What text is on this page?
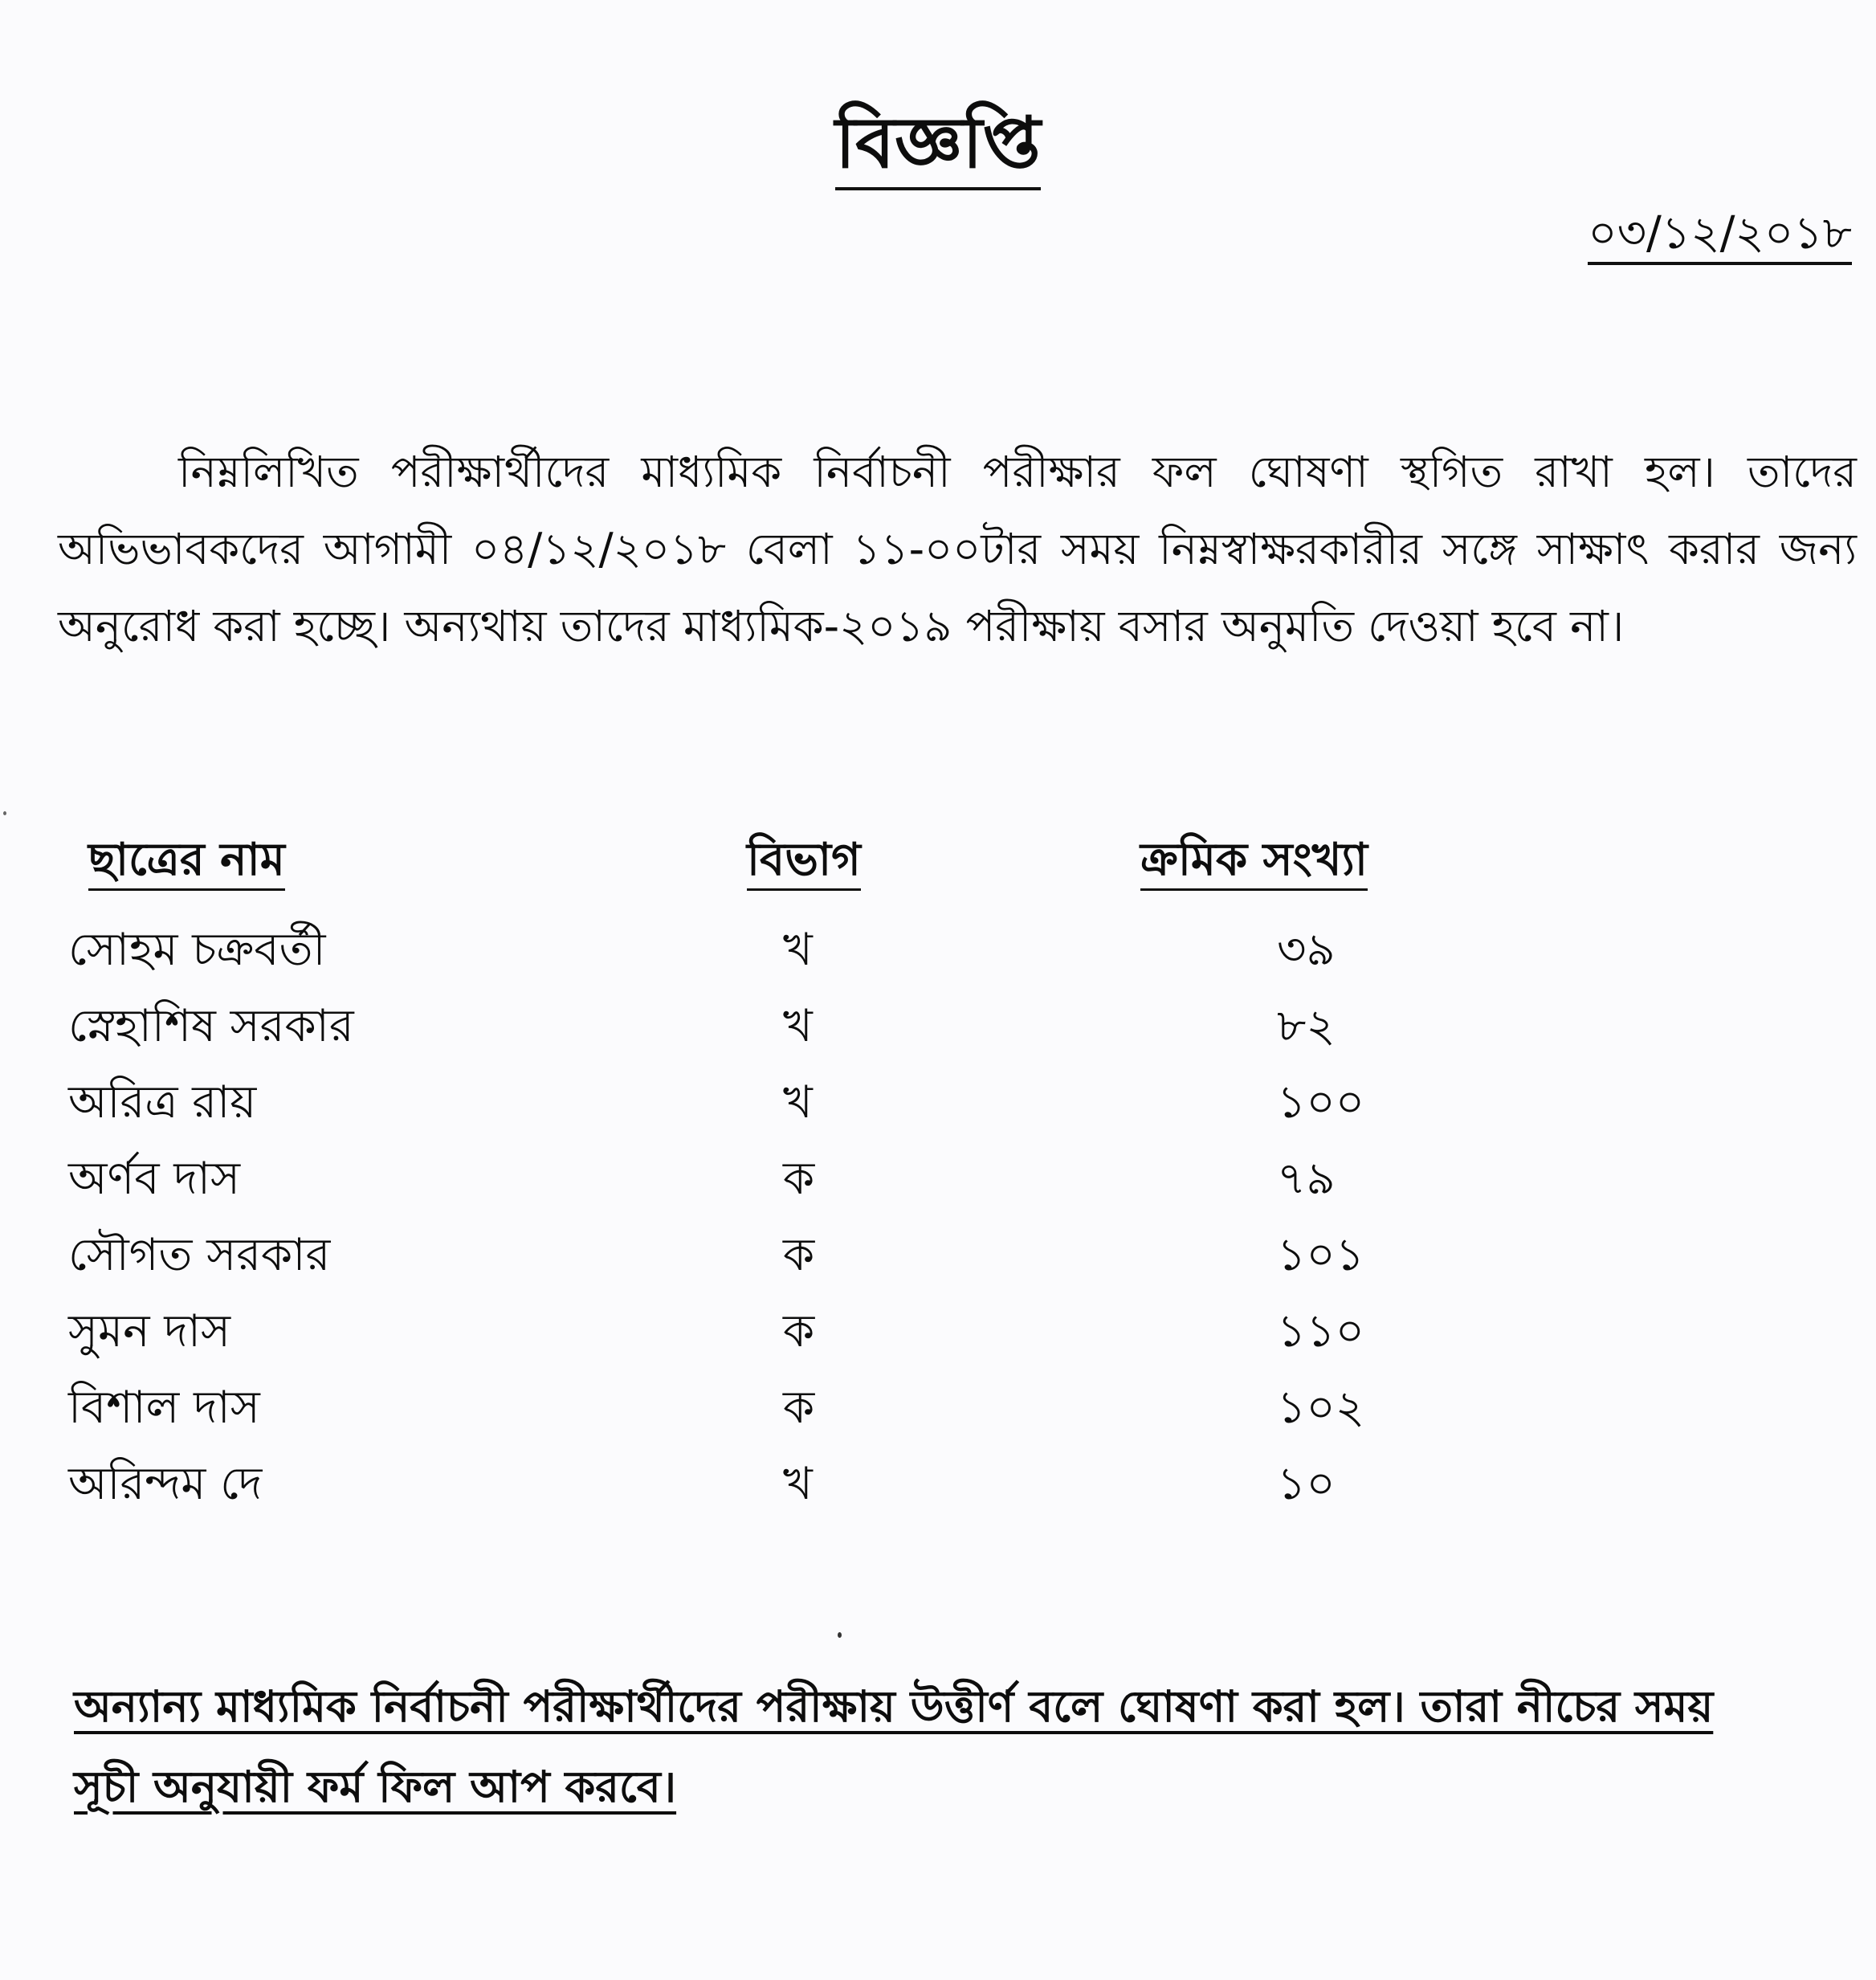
বিজ্ঞপ্তি
০৩/১২/২০১৮

নিম্নলিখিত পরীক্ষার্থীদের মাধ্যমিক নির্বাচনী পরীক্ষার ফল ঘোষণা স্থগিত রাখা হল। তাদের অভিভাবকদের আগামী ০৪/১২/২০১৮ বেলা ১১-০০টার সময় নিম্নস্বাক্ষরকারীর সঙ্গে সাক্ষাৎ করার জন্য অনুরোধ করা হচ্ছে। অন্যথায় তাদের মাধ্যমিক-২০১৯ পরীক্ষায় বসার অনুমতি দেওয়া হবে না।

ছাত্রের নাম	বিভাগ	ক্রমিক সংখ্যা
সোহম চক্রবর্তী	খ	৩৯
স্নেহাশিষ সরকার	খ	৮২
অরিত্র রায়	খ	১০০
অর্ণব দাস	ক	৭৯
সৌগত সরকার	ক	১০১
সুমন দাস	ক	১১০
বিশাল দাস	ক	১০২
অরিন্দম দে	খ	১০

অন্যান্য মাধ্যমিক নির্বাচনী পরীক্ষার্থীদের পরীক্ষায় উত্তীর্ণ বলে ঘোষণা করা হল। তারা নীচের সময় সূচী অনুযায়ী ফর্ম ফিল আপ করবে।
